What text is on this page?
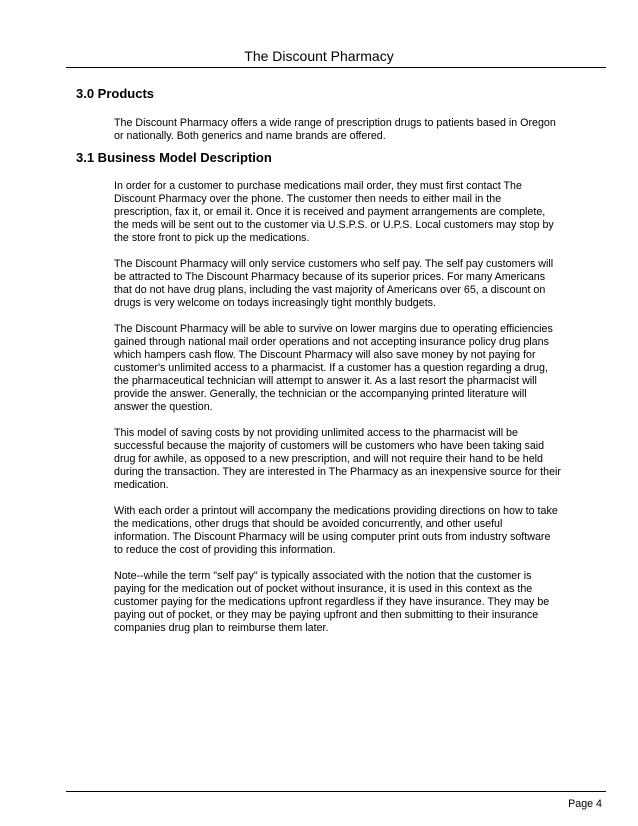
The Discount Pharmacy
3.0 Products

The Discount Pharmacy offers a wide range of prescription drugs to patients based in Oregon
or nationally. Both generics and name brands are offered.

3.1 Business Model Description

In order for a customer to purchase medications mail order, they must first contact The
Discount Pharmacy over the phone. The customer then needs to either mail in the
prescription, fax it, or email it. Once it is received and payment arrangements are complete,
the meds will be sent out to the customer via U.S.P.S. or U.P.S. Local customers may stop by
the store front to pick up the medications.

The Discount Pharmacy will only service customers who self pay. The self pay customers will
be attracted to The Discount Pharmacy because of its superior prices. For many Americans
that do not have drug plans, including the vast majority of Americans over 65, a discount on
drugs is very welcome on todays increasingly tight monthly budgets.

The Discount Pharmacy will be able to survive on lower margins due to operating efficiencies
gained through national mail order operations and not accepting insurance policy drug plans
which hampers cash flow. The Discount Pharmacy will also save money by not paying for
customer's unlimited access to a pharmacist. If a customer has a question regarding a drug,
the pharmaceutical technician will attempt to answer it. As a last resort the pharmacist will
provide the answer. Generally, the technician or the accompanying printed literature will
answer the question.

This model of saving costs by not providing unlimited access to the pharmacist will be
successful because the majority of customers will be customers who have been taking said
drug for awhile, as opposed to a new prescription, and will not require their hand to be held
during the transaction. They are interested in The Pharmacy as an inexpensive source for their
medication.

With each order a printout will accompany the medications providing directions on how to take
the medications, other drugs that should be avoided concurrently, and other useful
information. The Discount Pharmacy will be using computer print outs from industry software
to reduce the cost of providing this information.

Note--while the term "self pay" is typically associated with the notion that the customer is
paying for the medication out of pocket without insurance, it is used in this context as the
customer paying for the medications upfront regardless if they have insurance. They may be
paying out of pocket, or they may be paying upfront and then submitting to their insurance
companies drug plan to reimburse them later.

Page 4
